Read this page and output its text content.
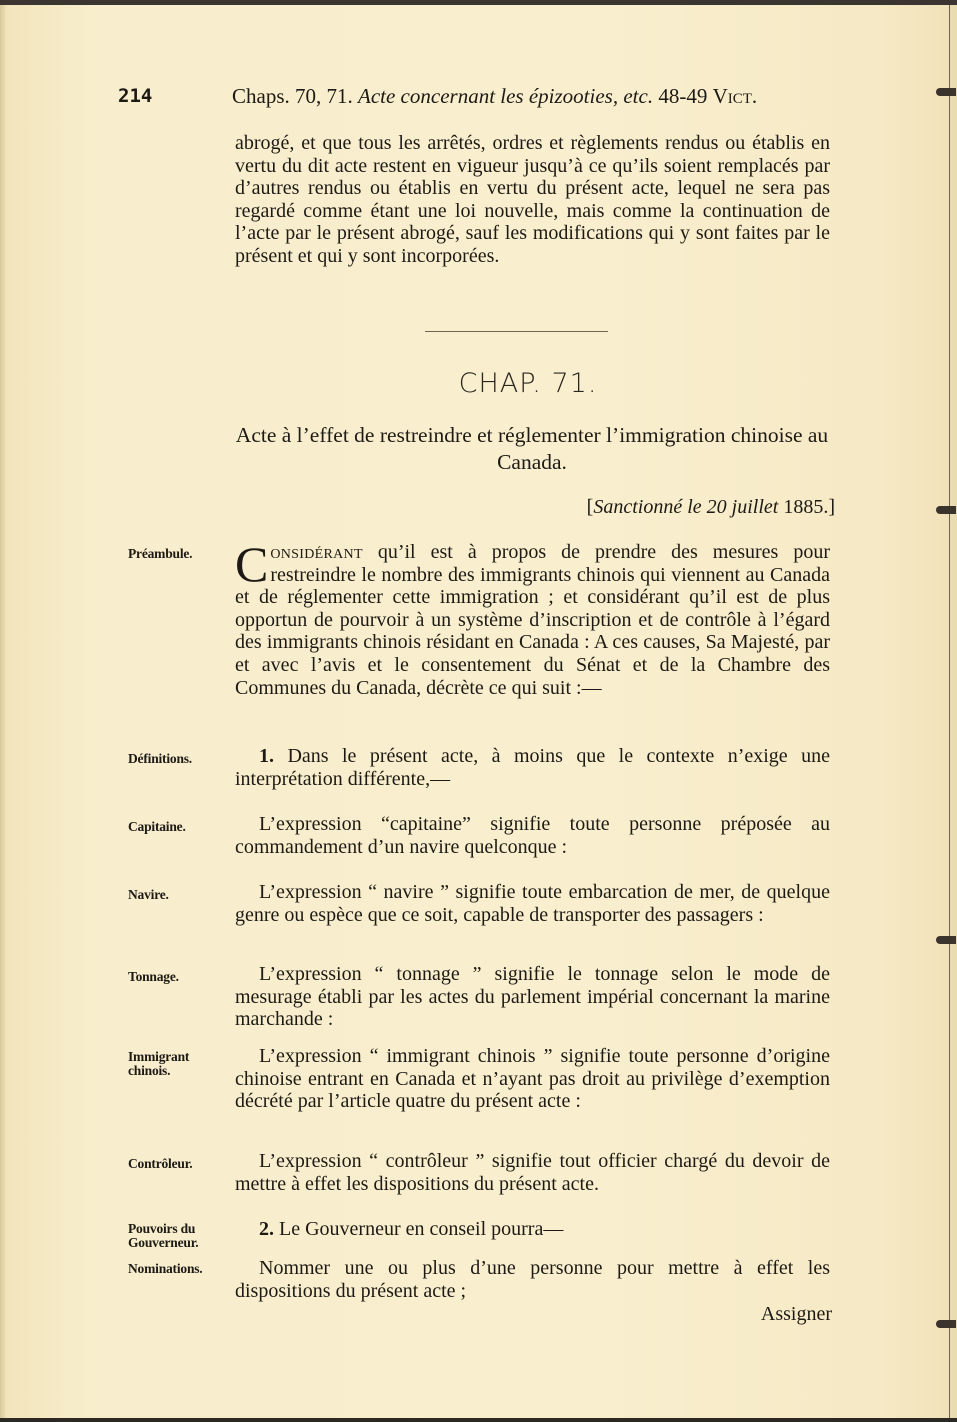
214	Chaps. 70, 71. Acte concernant les épizooties, etc. 48-49 Vict.

abrogé, et que tous les arrêtés, ordres et règlements rendus ou établis en vertu du dit acte restent en vigueur jusqu’à ce qu’ils soient remplacés par d’autres rendus ou établis en vertu du présent acte, lequel ne sera pas regardé comme étant une loi nouvelle, mais comme la continuation de l’acte par le présent abrogé, sauf les modifications qui y sont faites par le présent et qui y sont incorporées.

CHAP. 71.
Acte à l’effet de restreindre et réglementer l’immigration chinoise au Canada.
[Sanctionné le 20 juillet 1885.]
Préambule. Considérant qu’il est à propos de prendre des mesures pour restreindre le nombre des immigrants chinois qui viennent au Canada et de réglementer cette immigration ; et considérant qu’il est de plus opportun de pourvoir à un système d’inscription et de contrôle à l’égard des immigrants chinois résidant en Canada : A ces causes, Sa Majesté, par et avec l’avis et le consentement du Sénat et de la Chambre des Communes du Canada, décrète ce qui suit :—

Définitions.	1. Dans le présent acte, à moins que le contexte n’exige une interprétation différente,—

Capitaine.	L’expression “capitaine” signifie toute personne préposée au commandement d’un navire quelconque :

Navire.	L’expression “ navire ” signifie toute embarcation de mer, de quelque genre ou espèce que ce soit, capable de transporter des passagers :

Tonnage.	L’expression “ tonnage ” signifie le tonnage selon le mode de mesurage établi par les actes du parlement impérial concernant la marine marchande :

Immigrant
chinois.

L’expression “ immigrant chinois ” signifie toute personne d’origine chinoise entrant en Canada et n’ayant pas droit au privilège d’exemption décrété par l’article quatre du présent acte :

Contrôleur.	L’expression “ contrôleur ” signifie tout officier chargé du devoir de mettre à effet les dispositions du présent acte.

Pouvoirs du
Gouverneur.

2. Le Gouverneur en conseil pourra—

Nominations.	Nommer une ou plus d’une personne pour mettre à effet les dispositions du présent acte ;

Assigner
